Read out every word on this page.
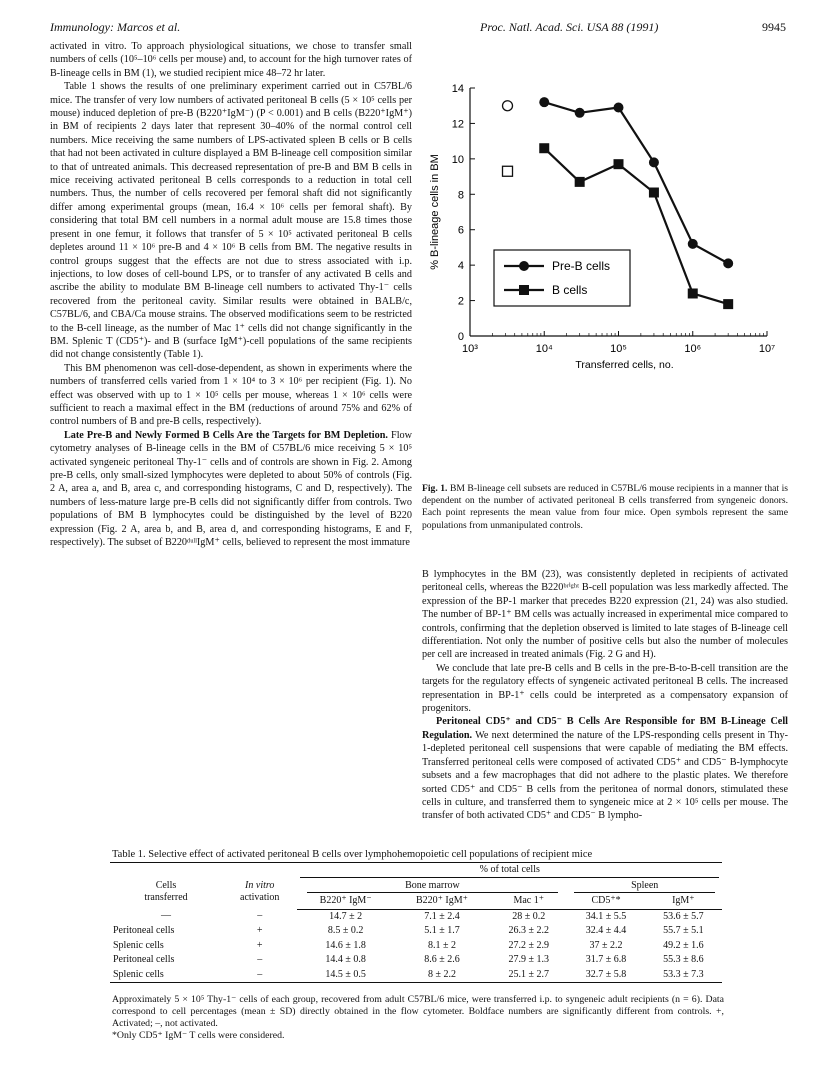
Immunology: Marcos et al.	Proc. Natl. Acad. Sci. USA 88 (1991)	9945

activated in vitro. To approach physiological situations, we chose to transfer small numbers of cells (10⁵–10⁶ cells per mouse) and, to account for the high turnover rates of B-lineage cells in BM (1), we studied recipient mice 48–72 hr later.

Table 1 shows the results of one preliminary experiment carried out in C57BL/6 mice. The transfer of very low numbers of activated peritoneal B cells (5 × 10⁵ cells per mouse) induced depletion of pre-B (B220⁺IgM⁻) (P < 0.001) and B cells (B220⁺IgM⁺) in BM of recipients 2 days later that represent 30–40% of the normal control cell numbers. Mice receiving the same numbers of LPS-activated spleen B cells or B cells that had not been activated in culture displayed a BM B-lineage cell composition similar to that of untreated animals. This decreased representation of pre-B and BM B cells in mice receiving activated peritoneal B cells corresponds to a reduction in total cell numbers. Thus, the number of cells recovered per femoral shaft did not significantly differ among experimental groups (mean, 16.4 × 10⁶ cells per femoral shaft). By considering that total BM cell numbers in a normal adult mouse are 15.8 times those present in one femur, it follows that transfer of 5 × 10⁵ activated peritoneal B cells depletes around 11 × 10⁶ pre-B and 4 × 10⁶ B cells from BM. The negative results in control groups suggest that the effects are not due to stress associated with i.p. injections, to low doses of cell-bound LPS, or to transfer of any activated B cells and ascribe the ability to modulate BM B-lineage cell numbers to activated Thy-1⁻ cells recovered from the peritoneal cavity. Similar results were obtained in BALB/c, C57BL/6, and CBA/Ca mouse strains. The observed modifications seem to be restricted to the B-cell lineage, as the number of Mac 1⁺ cells did not change significantly in the BM. Splenic T (CD5⁺)- and B (surface IgM⁺)-cell populations of the same recipients did not change consistently (Table 1).

This BM phenomenon was cell-dose-dependent, as shown in experiments where the numbers of transferred cells varied from 1 × 10⁴ to 3 × 10⁶ per recipient (Fig. 1). No effect was observed with up to 1 × 10⁵ cells per mouse, whereas 1 × 10⁶ cells were sufficient to reach a maximal effect in the BM (reductions of around 75% and 62% of control numbers of B and pre-B cells, respectively).

Late Pre-B and Newly Formed B Cells Are the Targets for BM Depletion. Flow cytometry analyses of B-lineage cells in the BM of C57BL/6 mice receiving 5 × 10⁵ activated syngeneic peritoneal Thy-1⁻ cells and of controls are shown in Fig. 2. Among pre-B cells, only small-sized lymphocytes were depleted to about 50% of controls (Fig. 2 A, area a, and B, area c, and corresponding histograms, C and D, respectively). The numbers of less-mature large pre-B cells did not significantly differ from controls. Two populations of BM B lymphocytes could be distinguished by the level of B220 expression (Fig. 2 A, area b, and B, area d, and corresponding histograms, E and F, respectively). The subset of B220ᵈᵘˡˡIgM⁺ cells, believed to represent the most immature

0
2
4
6
8
10
12
14
10³	10⁴	10⁵	10⁶	10⁷
Transferred cells, no.
% B-lineage cells in BM	Pre-B cells
B cells
Fig. 1. BM B-lineage cell subsets are reduced in C57BL/6 mouse recipients in a manner that is dependent on the number of activated peritoneal B cells transferred from syngeneic donors. Each point represents the mean value from four mice. Open symbols represent the same populations from unmanipulated controls.

B lymphocytes in the BM (23), was consistently depleted in recipients of activated peritoneal cells, whereas the B220ᵇʳⁱᵍʰᵗ B-cell population was less markedly affected. The expression of the BP-1 marker that precedes B220 expression (21, 24) was also studied. The number of BP-1⁺ BM cells was actually increased in experimental mice compared to controls, confirming that the depletion observed is limited to late stages of B-lineage cell differentiation. Not only the number of positive cells but also the number of molecules per cell are increased in treated animals (Fig. 2 G and H).

We conclude that late pre-B cells and B cells in the pre-B-to-B-cell transition are the targets for the regulatory effects of syngeneic activated peritoneal B cells. The increased representation in BP-1⁺ cells could be interpreted as a compensatory expansion of progenitors.

Peritoneal CD5⁺ and CD5⁻ B Cells Are Responsible for BM B-Lineage Cell Regulation. We next determined the nature of the LPS-responding cells present in Thy-1-depleted peritoneal cell suspensions that were capable of mediating the BM effects. Transferred peritoneal cells were composed of activated CD5⁺ and CD5⁻ B-lymphocyte subsets and a few macrophages that did not adhere to the plastic plates. We therefore sorted CD5⁺ and CD5⁻ B cells from the peritonea of normal donors, stimulated these cells in culture, and transferred them to syngeneic mice at 2 × 10⁵ cells per mouse. The transfer of both activated CD5⁺ and CD5⁻ B lympho-

Table 1. Selective effect of activated peritoneal B cells over lymphohemopoietic cell populations of recipient mice
		% of total cells				
Cells transferred	In vitro
activation	Bone marrow			Spleen	
		B220⁺ IgM⁻	B220⁺ IgM⁺	Mac 1⁺	CD5⁺*	IgM⁺
—	–	14.7 ± 2	7.1 ± 2.4	28 ± 0.2	34.1 ± 5.5	53.6 ± 5.7
Peritoneal cells	+	8.5 ± 0.2	5.1 ± 1.7	26.3 ± 2.2	32.4 ± 4.4	55.7 ± 5.1
Splenic cells	+	14.6 ± 1.8	8.1 ± 2	27.2 ± 2.9	37 ± 2.2	49.2 ± 1.6
Peritoneal cells	–	14.4 ± 0.8	8.6 ± 2.6	27.9 ± 1.3	31.7 ± 6.8	55.3 ± 8.6
Splenic cells	–	14.5 ± 0.5	8 ± 2.2	25.1 ± 2.7	32.7 ± 5.8	53.3 ± 7.3

Approximately 5 × 10⁵ Thy-1⁻ cells of each group, recovered from adult C57BL/6 mice, were transferred i.p. to syngeneic adult recipients (n = 6). Data correspond to cell percentages (mean ± SD) directly obtained in the flow cytometer. Boldface numbers are significantly different from controls. +, Activated; –, not activated.

*Only CD5⁺ IgM⁻ T cells were considered.
